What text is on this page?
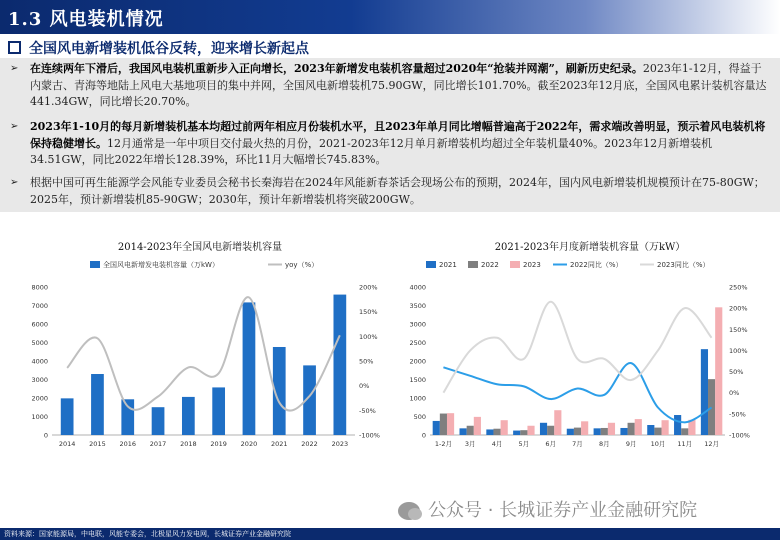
1.3 风电装机情况
全国风电新增装机低谷反转，迎来增长新起点
➢ 在连续两年下滑后，我国风电装机重新步入正向增长，2023年新增发电装机容量超过2020年“抢装并网潮”，刷新历史纪录。2023年1-12月，得益于内蒙古、青海等地陆上风电大基地项目的集中并网，全国风电新增装机75.90GW，同比增长101.70%。截至2023年12月底，全国风电累计装机容量达441.34GW，同比增长20.70%。
➢ 2023年1-10月的每月新增装机基本均超过前两年相应月份装机水平，且2023年单月同比增幅普遍高于2022年，需求端改善明显，预示着风电装机将保持稳健增长。12月通常是一年中项目交付最火热的月份，2021-2023年12月单月新增装机均超过全年装机量40%。2023年12月新增装机34.51GW，同比2022年增长128.39%，环比11月大幅增长745.83%。
➢ 根据中国可再生能源学会风能专业委员会秘书长秦海岩在2024年风能新春茶话会现场公布的预期，2024年，国内风电新增装机规模预计在75-80GW；2025年，预计新增装机85-90GW；2030年，预计年新增装机将突破200GW。
2014-2023年全国风电新增装机容量
0
1000
2000
3000
4000
5000
6000
7000
8000
-100%
-50%
0%
50%
100%
150%
200%
2014 2015 2016 2017 2018 2019 2020 2021 2022 2023
全国风电新增发电装机容量（万kW）	yoy（%）
2021-2023年月度新增装机容量（万kW）
0
500
1000
1500
2000
2500
3000
3500
4000
-100%
-50%
0%
50%
100%
150%
200%
250%
1-2月 3月 4月 5月 6月 7月 8月 9月 10月 11月 12月
2021	2022	2023	2022同比（%）	2023同比（%）
公众号 · 长城证券产业金融研究院
资料来源：国家能源局，中电联，风能专委会，北极星风力发电网，长城证券产业金融研究院
